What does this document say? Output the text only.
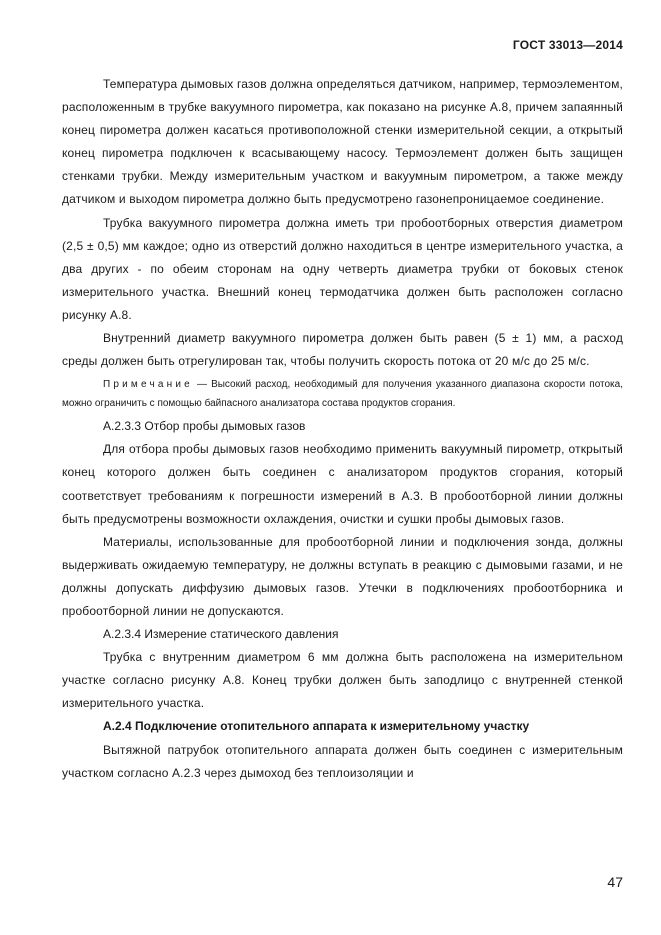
ГОСТ 33013—2014

Температура дымовых газов должна определяться датчиком, например, термоэлементом, расположенным в трубке вакуумного пирометра, как показано на рисунке А.8, причем запаянный конец пирометра должен касаться противоположной стенки измерительной секции, а открытый конец пирометра подключен к всасывающему насосу. Термоэлемент должен быть защищен стенками трубки. Между измерительным участком и вакуумным пирометром, а также между датчиком и выходом пирометра должно быть предусмотрено газонепроницаемое соединение.

Трубка вакуумного пирометра должна иметь три пробоотборных отверстия диаметром (2,5 ± 0,5) мм каждое; одно из отверстий должно находиться в центре измерительного участка, а два других - по обеим сторонам на одну четверть диаметра трубки от боковых стенок измерительного участка. Внешний конец термодатчика должен быть расположен согласно рисунку А.8.

Внутренний диаметр вакуумного пирометра должен быть равен (5 ± 1) мм, а расход среды должен быть отрегулирован так, чтобы получить скорость потока от 20 м/с до 25 м/с.

Примечание — Высокий расход, необходимый для получения указанного диапазона скорости потока, можно ограничить с помощью байпасного анализатора состава продуктов сгорания.

А.2.3.3 Отбор пробы дымовых газов

Для отбора пробы дымовых газов необходимо применить вакуумный пирометр, открытый конец которого должен быть соединен с анализатором продуктов сгорания, который соответствует требованиям к погрешности измерений в А.3. В пробоотборной линии должны быть предусмотрены возможности охлаждения, очистки и сушки пробы дымовых газов.

Материалы, использованные для пробоотборной линии и подключения зонда, должны выдерживать ожидаемую температуру, не должны вступать в реакцию с дымовыми газами, и не должны допускать диффузию дымовых газов. Утечки в подключениях пробоотборника и пробоотборной линии не допускаются.

А.2.3.4 Измерение статического давления

Трубка с внутренним диаметром 6 мм должна быть расположена на измерительном участке согласно рисунку А.8. Конец трубки должен быть заподлицо с внутренней стенкой измерительного участка.

А.2.4 Подключение отопительного аппарата к измерительному участку

Вытяжной патрубок отопительного аппарата должен быть соединен с измерительным участком согласно А.2.3 через дымоход без теплоизоляции и

47
